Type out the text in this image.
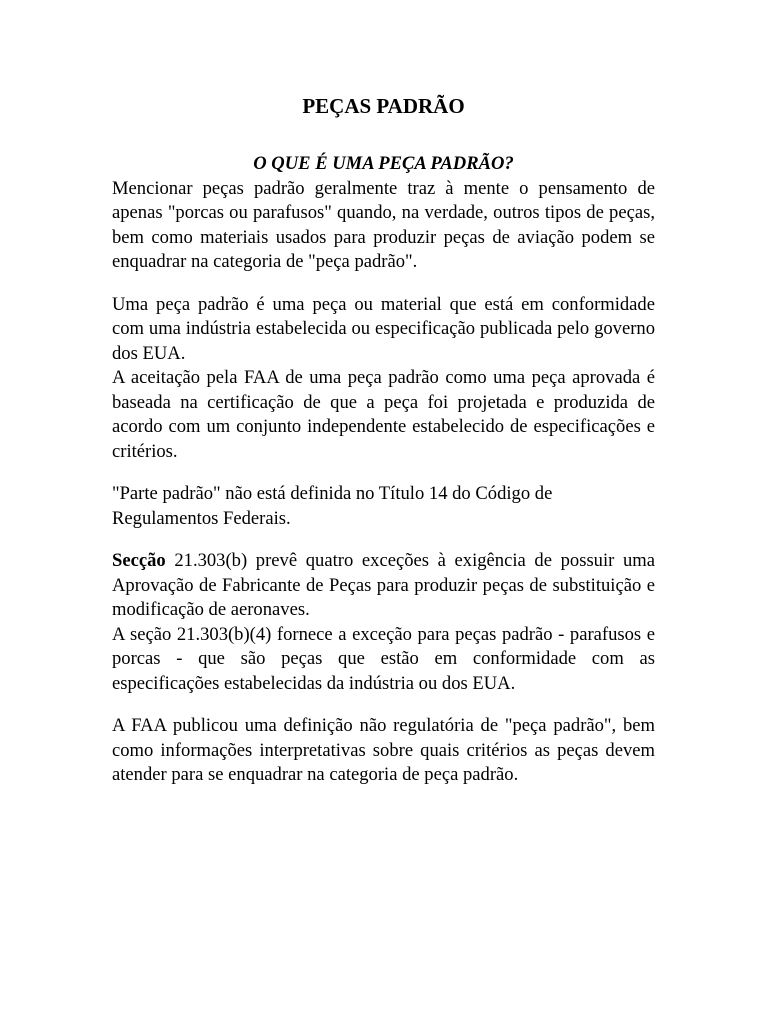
PEÇAS PADRÃO

O QUE É UMA PEÇA PADRÃO?

Mencionar peças padrão geralmente traz à mente o pensamento de apenas "porcas ou parafusos" quando, na verdade, outros tipos de peças, bem como materiais usados para produzir peças de aviação podem se enquadrar na categoria de "peça padrão".

Uma peça padrão é uma peça ou material que está em conformidade com uma indústria estabelecida ou especificação publicada pelo governo dos EUA.

A aceitação pela FAA de uma peça padrão como uma peça aprovada é baseada na certificação de que a peça foi projetada e produzida de acordo com um conjunto independente estabelecido de especificações e critérios.

"Parte padrão" não está definida no Título 14 do Código de Regulamentos Federais.

Secção 21.303(b) prevê quatro exceções à exigência de possuir uma Aprovação de Fabricante de Peças para produzir peças de substituição e modificação de aeronaves.

A seção 21.303(b)(4) fornece a exceção para peças padrão - parafusos e porcas - que são peças que estão em conformidade com as especificações estabelecidas da indústria ou dos EUA.

A FAA publicou uma definição não regulatória de "peça padrão", bem como informações interpretativas sobre quais critérios as peças devem atender para se enquadrar na categoria de peça padrão.
